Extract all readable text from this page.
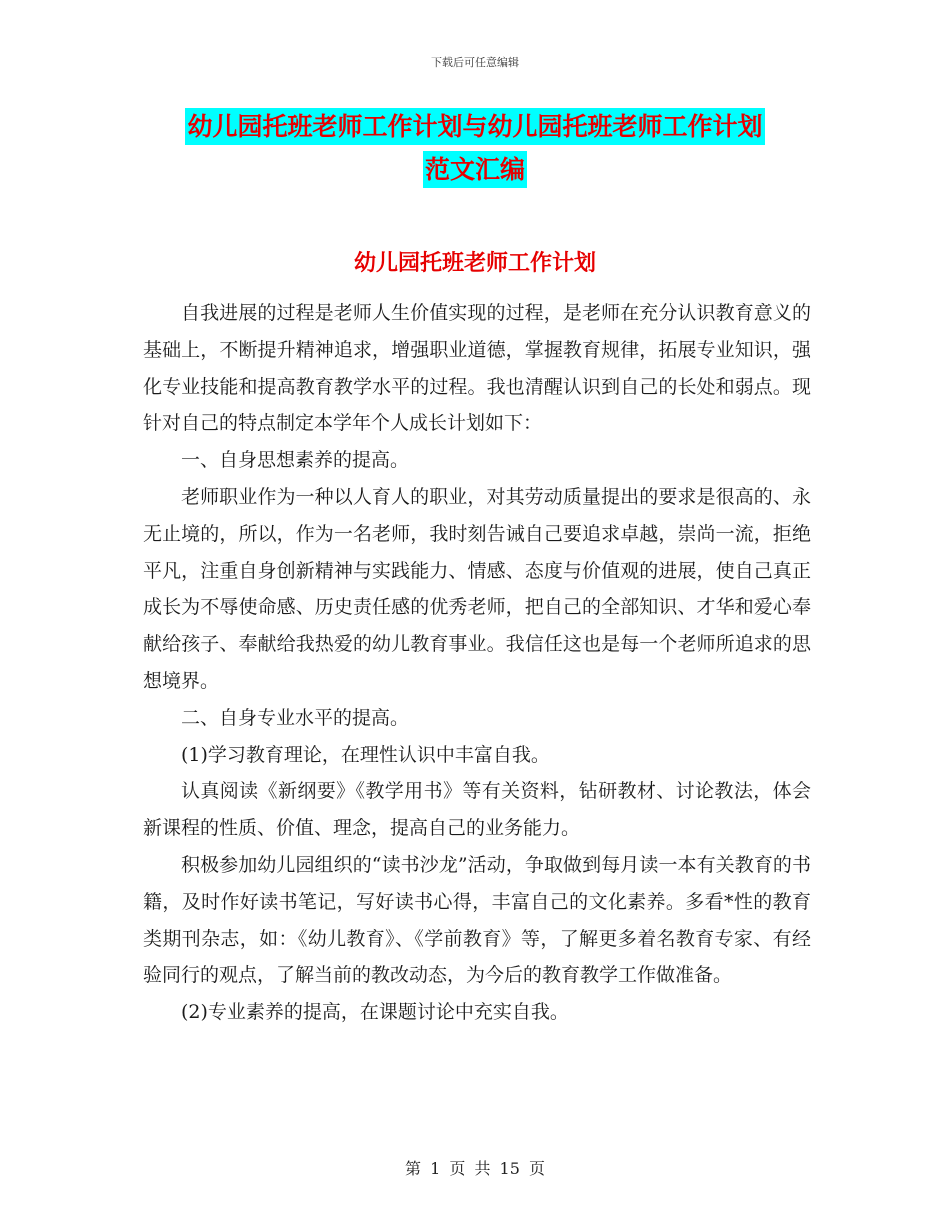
下载后可任意编辑
幼儿园托班老师工作计划与幼儿园托班老师工作计划
范文汇编
幼儿园托班老师工作计划

自我进展的过程是老师人生价值实现的过程，是老师在充分认识教育意义的基础上，不断提升精神追求，增强职业道德，掌握教育规律，拓展专业知识，强化专业技能和提高教育教学水平的过程。我也清醒认识到自己的长处和弱点。现针对自己的特点制定本学年个人成长计划如下：

一、自身思想素养的提高。

老师职业作为一种以人育人的职业，对其劳动质量提出的要求是很高的、永无止境的，所以，作为一名老师，我时刻告诫自己要追求卓越，崇尚一流，拒绝平凡，注重自身创新精神与实践能力、情感、态度与价值观的进展，使自己真正成长为不辱使命感、历史责任感的优秀老师，把自己的全部知识、才华和爱心奉献给孩子、奉献给我热爱的幼儿教育事业。我信任这也是每一个老师所追求的思想境界。

二、自身专业水平的提高。

(1)学习教育理论，在理性认识中丰富自我。

认真阅读《新纲要》《教学用书》等有关资料，钻研教材、讨论教法，体会新课程的性质、价值、理念，提高自己的业务能力。

积极参加幼儿园组织的“读书沙龙”活动，争取做到每月读一本有关教育的书籍，及时作好读书笔记，写好读书心得，丰富自己的文化素养。多看*性的教育类期刊杂志，如：《幼儿教育》、《学前教育》等，了解更多着名教育专家、有经验同行的观点，了解当前的教改动态，为今后的教育教学工作做准备。

(2)专业素养的提高，在课题讨论中充实自我。

第 1 页 共 15 页
